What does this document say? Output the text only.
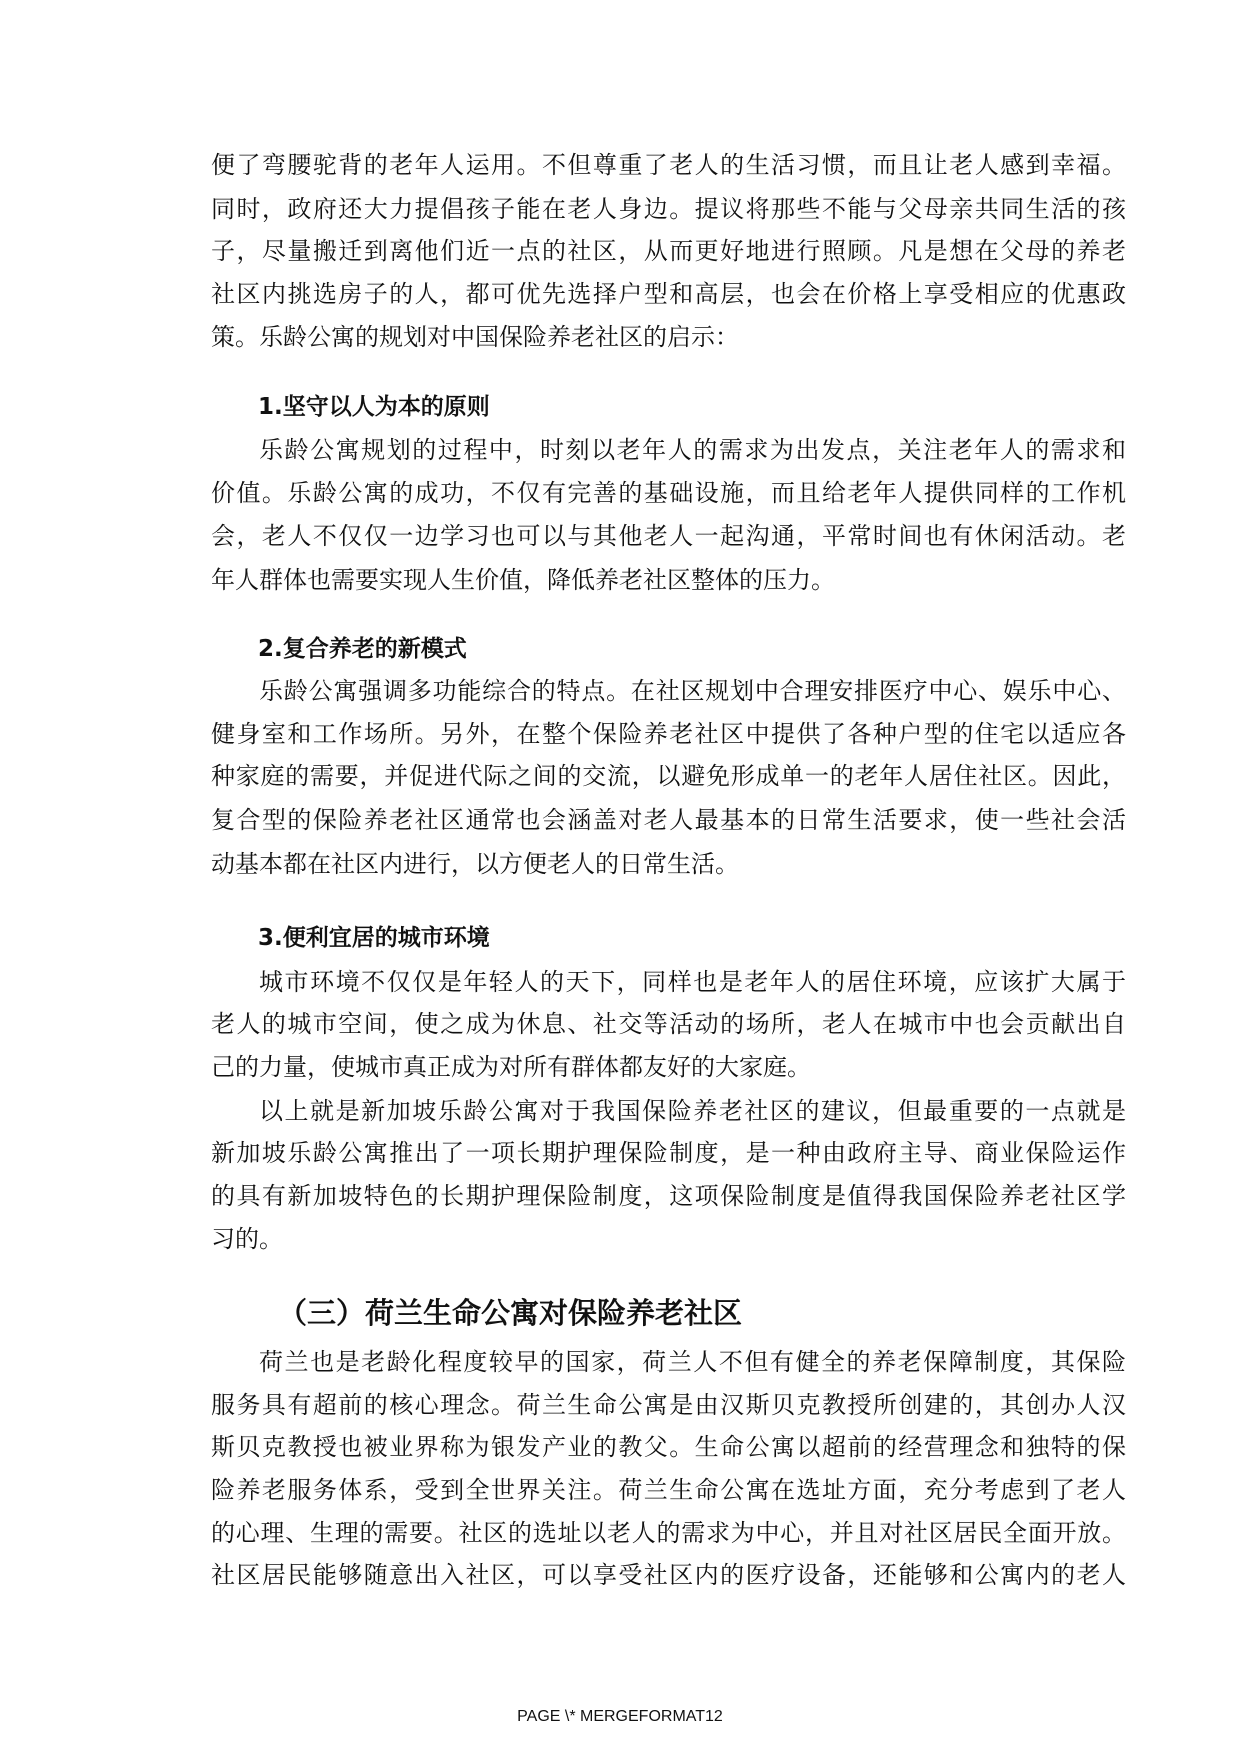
便了弯腰驼背的老年人运用。不但尊重了老人的生活习惯，而且让老人感到幸福。
同时，政府还大力提倡孩子能在老人身边。提议将那些不能与父母亲共同生活的孩
子，尽量搬迁到离他们近一点的社区，从而更好地进行照顾。凡是想在父母的养老
社区内挑选房子的人，都可优先选择户型和高层，也会在价格上享受相应的优惠政
策。乐龄公寓的规划对中国保险养老社区的启示：
1.坚守以人为本的原则
乐龄公寓规划的过程中，时刻以老年人的需求为出发点，关注老年人的需求和
价值。乐龄公寓的成功，不仅有完善的基础设施，而且给老年人提供同样的工作机
会，老人不仅仅一边学习也可以与其他老人一起沟通，平常时间也有休闲活动。老
年人群体也需要实现人生价值，降低养老社区整体的压力。
2.复合养老的新模式
乐龄公寓强调多功能综合的特点。在社区规划中合理安排医疗中心、娱乐中心、
健身室和工作场所。另外，在整个保险养老社区中提供了各种户型的住宅以适应各
种家庭的需要，并促进代际之间的交流，以避免形成单一的老年人居住社区。因此，
复合型的保险养老社区通常也会涵盖对老人最基本的日常生活要求，使一些社会活
动基本都在社区内进行，以方便老人的日常生活。
3.便利宜居的城市环境
城市环境不仅仅是年轻人的天下，同样也是老年人的居住环境，应该扩大属于
老人的城市空间，使之成为休息、社交等活动的场所，老人在城市中也会贡献出自
己的力量，使城市真正成为对所有群体都友好的大家庭。
以上就是新加坡乐龄公寓对于我国保险养老社区的建议，但最重要的一点就是
新加坡乐龄公寓推出了一项长期护理保险制度，是一种由政府主导、商业保险运作
的具有新加坡特色的长期护理保险制度，这项保险制度是值得我国保险养老社区学
习的。
（三）荷兰生命公寓对保险养老社区
荷兰也是老龄化程度较早的国家，荷兰人不但有健全的养老保障制度，其保险
服务具有超前的核心理念。荷兰生命公寓是由汉斯贝克教授所创建的，其创办人汉
斯贝克教授也被业界称为银发产业的教父。生命公寓以超前的经营理念和独特的保
险养老服务体系，受到全世界关注。荷兰生命公寓在选址方面，充分考虑到了老人
的心理、生理的需要。社区的选址以老人的需求为中心，并且对社区居民全面开放。
社区居民能够随意出入社区，可以享受社区内的医疗设备，还能够和公寓内的老人
PAGE \* MERGEFORMAT12
